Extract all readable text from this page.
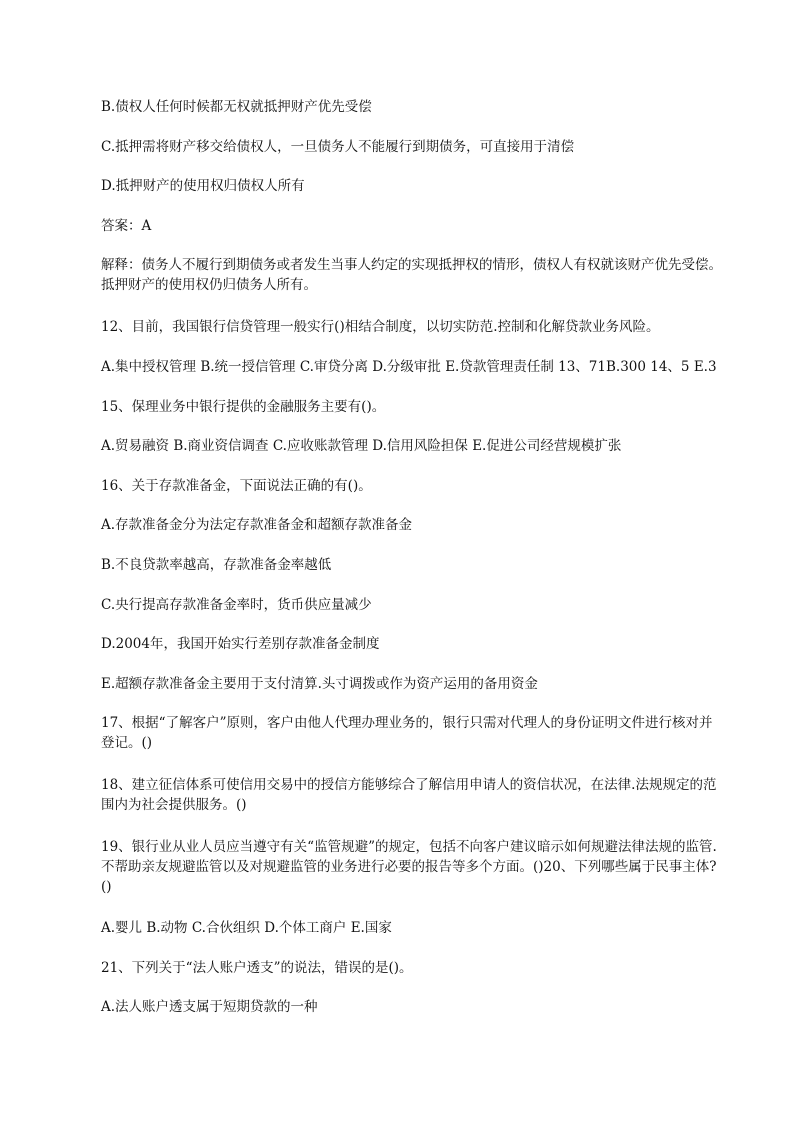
B.债权人任何时候都无权就抵押财产优先受偿

C.抵押需将财产移交给债权人，一旦债务人不能履行到期债务，可直接用于清偿

D.抵押财产的使用权归债权人所有

答案：A

解释：债务人不履行到期债务或者发生当事人约定的实现抵押权的情形，债权人有权就该财产优先受偿。抵押财产的使用权仍归债务人所有。

12、目前，我国银行信贷管理一般实行()相结合制度，以切实防范.控制和化解贷款业务风险。

A.集中授权管理 B.统一授信管理 C.审贷分离 D.分级审批 E.贷款管理责任制 13、71B.300 14、5 E.3

15、保理业务中银行提供的金融服务主要有()。

A.贸易融资 B.商业资信调查 C.应收账款管理 D.信用风险担保 E.促进公司经营规模扩张

16、关于存款准备金，下面说法正确的有()。

A.存款准备金分为法定存款准备金和超额存款准备金

B.不良贷款率越高，存款准备金率越低

C.央行提高存款准备金率时，货币供应量减少

D.2004年，我国开始实行差别存款准备金制度

E.超额存款准备金主要用于支付清算.头寸调拨或作为资产运用的备用资金

17、根据“了解客户”原则，客户由他人代理办理业务的，银行只需对代理人的身份证明文件进行核对并登记。()

18、建立征信体系可使信用交易中的授信方能够综合了解信用申请人的资信状况，在法律.法规规定的范围内为社会提供服务。()

19、银行业从业人员应当遵守有关“监管规避”的规定，包括不向客户建议暗示如何规避法律法规的监管.不帮助亲友规避监管以及对规避监管的业务进行必要的报告等多个方面。()20、下列哪些属于民事主体?()

A.婴儿 B.动物 C.合伙组织 D.个体工商户 E.国家

21、下列关于“法人账户透支”的说法，错误的是()。

A.法人账户透支属于短期贷款的一种
